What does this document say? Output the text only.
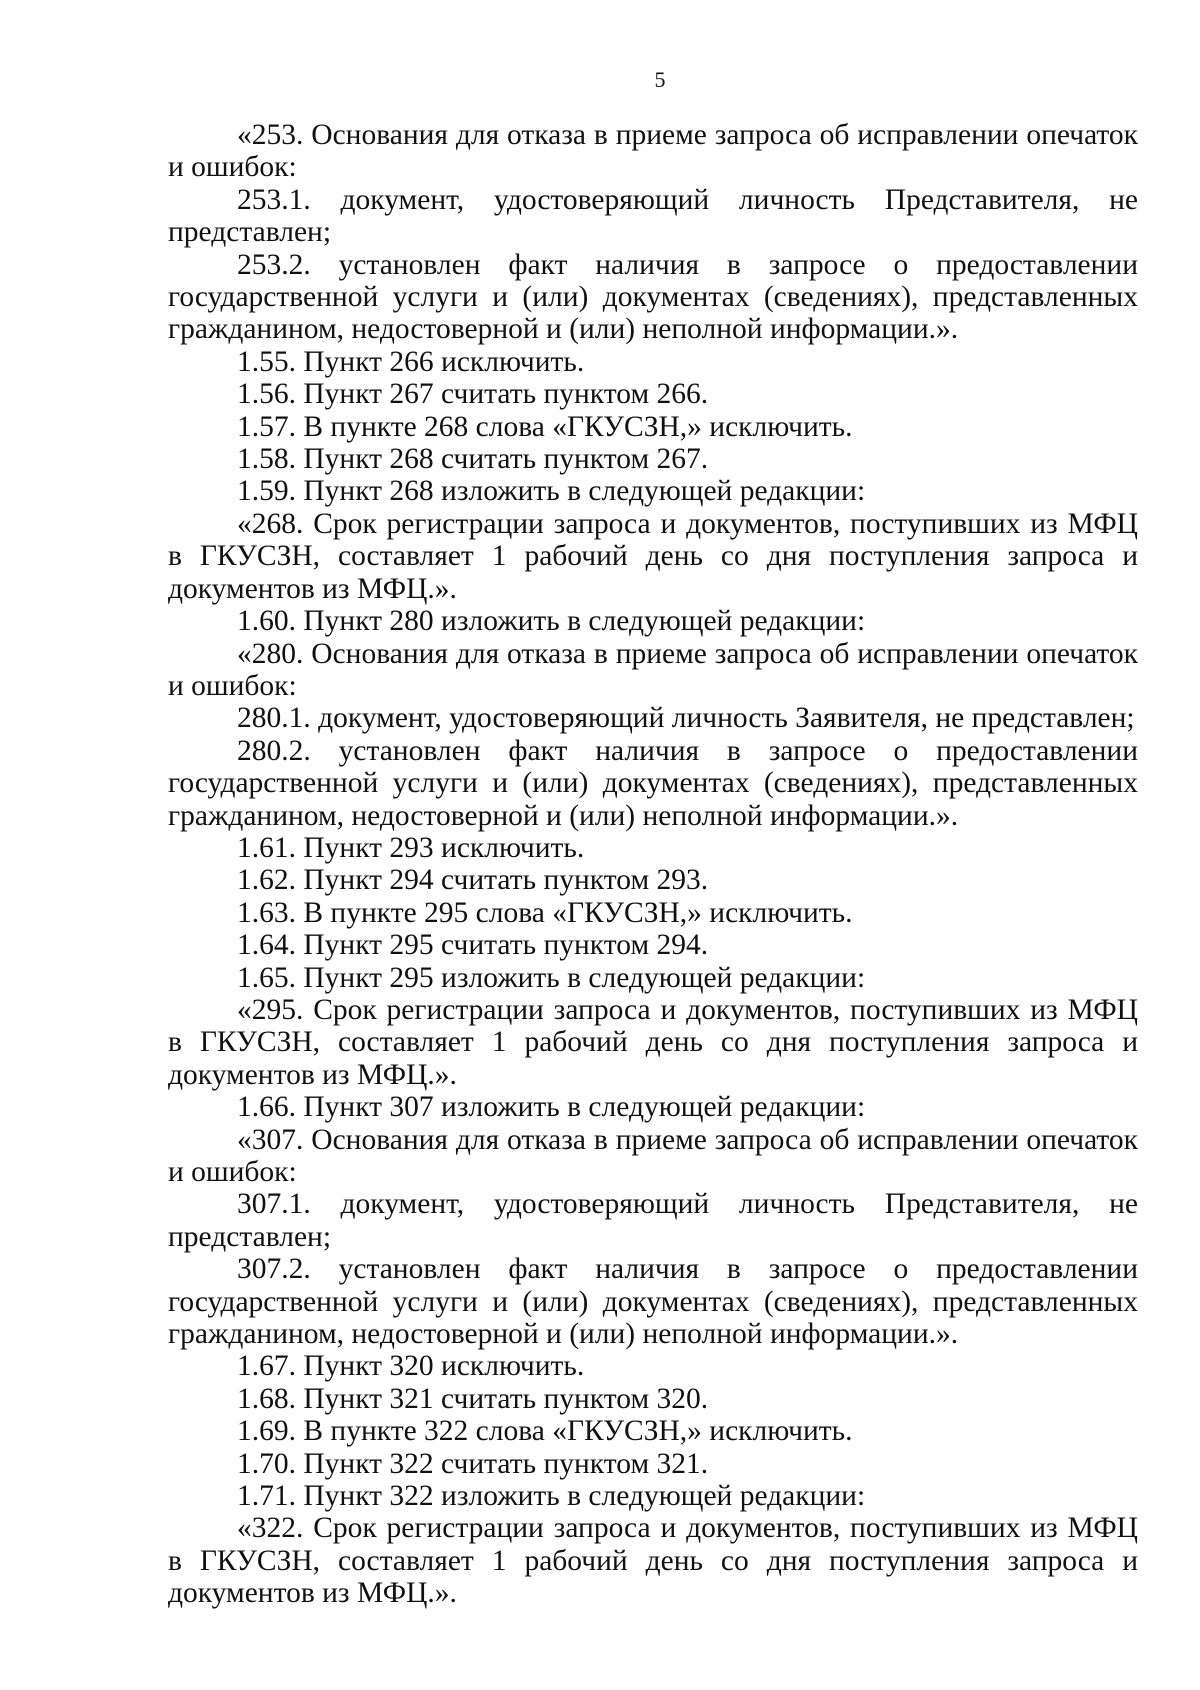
5

«253. Основания для отказа в приеме запроса об исправлении опечаток и ошибок:

253.1. документ, удостоверяющий личность Представителя, не представлен;

253.2. установлен факт наличия в запросе о предоставлении государственной услуги и (или) документах (сведениях), представленных гражданином, недостоверной и (или) неполной информации.».

1.55. Пункт 266 исключить.

1.56. Пункт 267 считать пунктом 266.

1.57. В пункте 268 слова «ГКУСЗН,» исключить.

1.58. Пункт 268 считать пунктом 267.

1.59. Пункт 268 изложить в следующей редакции:

«268. Срок регистрации запроса и документов, поступивших из МФЦ в ГКУСЗН, составляет 1 рабочий день со дня поступления запроса и документов из МФЦ.».

1.60. Пункт 280 изложить в следующей редакции:

«280. Основания для отказа в приеме запроса об исправлении опечаток и ошибок:

280.1. документ, удостоверяющий личность Заявителя, не представлен;

280.2. установлен факт наличия в запросе о предоставлении государственной услуги и (или) документах (сведениях), представленных гражданином, недостоверной и (или) неполной информации.».

1.61. Пункт 293 исключить.

1.62. Пункт 294 считать пунктом 293.

1.63. В пункте 295 слова «ГКУСЗН,» исключить.

1.64. Пункт 295 считать пунктом 294.

1.65. Пункт 295 изложить в следующей редакции:

«295. Срок регистрации запроса и документов, поступивших из МФЦ в ГКУСЗН, составляет 1 рабочий день со дня поступления запроса и документов из МФЦ.».

1.66. Пункт 307 изложить в следующей редакции:

«307. Основания для отказа в приеме запроса об исправлении опечаток и ошибок:

307.1. документ, удостоверяющий личность Представителя, не представлен;

307.2. установлен факт наличия в запросе о предоставлении государственной услуги и (или) документах (сведениях), представленных гражданином, недостоверной и (или) неполной информации.».

1.67. Пункт 320 исключить.

1.68. Пункт 321 считать пунктом 320.

1.69. В пункте 322 слова «ГКУСЗН,» исключить.

1.70. Пункт 322 считать пунктом 321.

1.71. Пункт 322 изложить в следующей редакции:

«322. Срок регистрации запроса и документов, поступивших из МФЦ в ГКУСЗН, составляет 1 рабочий день со дня поступления запроса и документов из МФЦ.».
